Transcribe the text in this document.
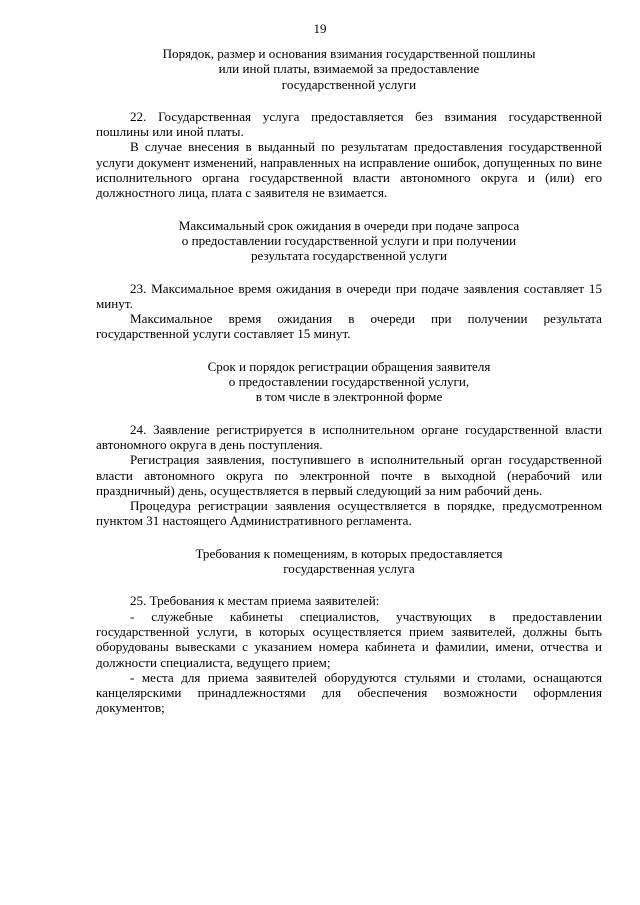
19
Порядок, размер и основания взимания государственной пошлины
или иной платы, взимаемой за предоставление
государственной услуги

22. Государственная услуга предоставляется без взимания государственной пошлины или иной платы.

В случае внесения в выданный по результатам предоставления государственной услуги документ изменений, направленных на исправление ошибок, допущенных по вине исполнительного органа государственной власти автономного округа и (или) его должностного лица, плата с заявителя не взимается.

Максимальный срок ожидания в очереди при подаче запроса
о предоставлении государственной услуги и при получении
результата государственной услуги

23. Максимальное время ожидания в очереди при подаче заявления составляет 15 минут.

Максимальное время ожидания в очереди при получении результата государственной услуги составляет 15 минут.

Срок и порядок регистрации обращения заявителя
о предоставлении государственной услуги,
в том числе в электронной форме

24. Заявление регистрируется в исполнительном органе государственной власти автономного округа в день поступления.

Регистрация заявления, поступившего в исполнительный орган государственной власти автономного округа по электронной почте в выходной (нерабочий или праздничный) день, осуществляется в первый следующий за ним рабочий день.

Процедура регистрации заявления осуществляется в порядке, предусмотренном пунктом 31 настоящего Административного регламента.

Требования к помещениям, в которых предоставляется
государственная услуга

25. Требования к местам приема заявителей:

- служебные кабинеты специалистов, участвующих в предоставлении государственной услуги, в которых осуществляется прием заявителей, должны быть оборудованы вывесками с указанием номера кабинета и фамилии, имени, отчества и должности специалиста, ведущего прием;

- места для приема заявителей оборудуются стульями и столами, оснащаются канцелярскими принадлежностями для обеспечения возможности оформления документов;
